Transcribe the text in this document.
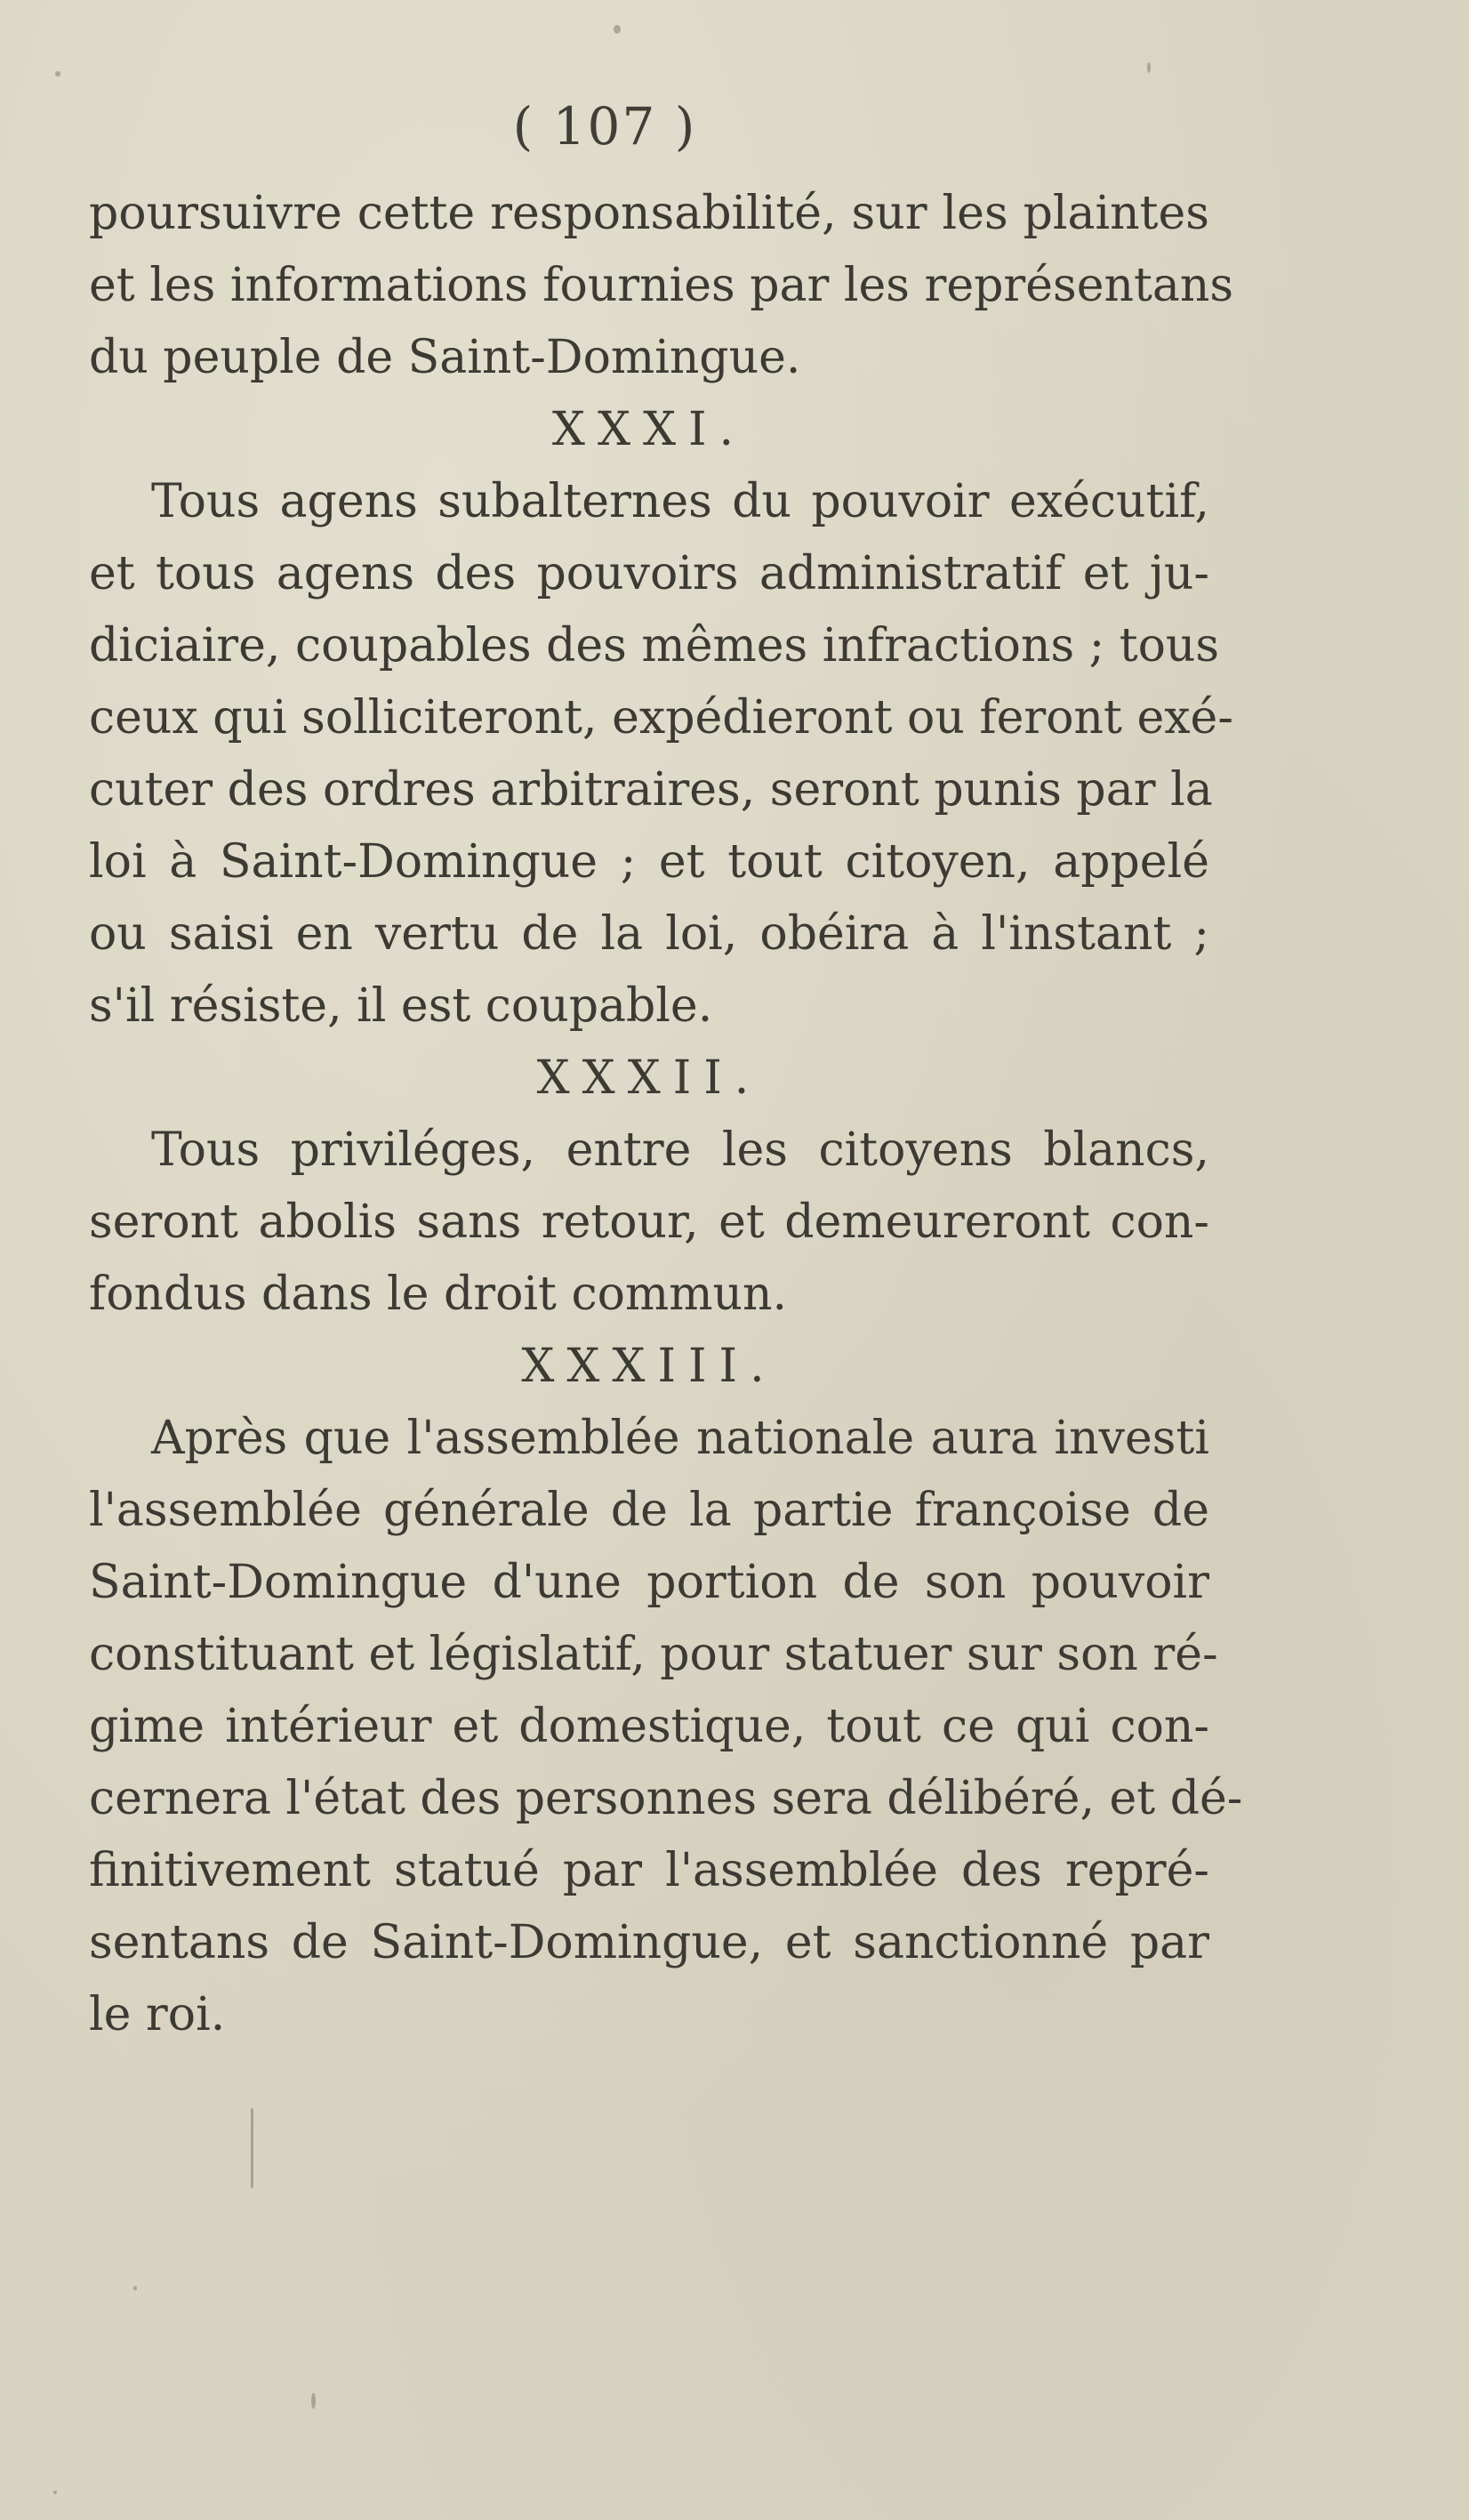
( 107 )
poursuivre cette responsabilité, sur les plaintes
et les informations fournies par les représentans
du peuple de Saint-Domingue.
XXXI.
Tous agens subalternes du pouvoir exécutif,
et tous agens des pouvoirs administratif et ju-
diciaire, coupables des mêmes infractions ; tous
ceux qui solliciteront, expédieront ou feront exé-
cuter des ordres arbitraires, seront punis par la
loi à Saint-Domingue ; et tout citoyen, appelé
ou saisi en vertu de la loi, obéira à l'instant ;
s'il résiste, il est coupable.
XXXII.
Tous priviléges, entre les citoyens blancs,
seront abolis sans retour, et demeureront con-
fondus dans le droit commun.
XXXIII.
Après que l'assemblée nationale aura investi
l'assemblée générale de la partie françoise de
Saint-Domingue d'une portion de son pouvoir
constituant et législatif, pour statuer sur son ré-
gime intérieur et domestique, tout ce qui con-
cernera l'état des personnes sera délibéré, et dé-
finitivement statué par l'assemblée des repré-
sentans de Saint-Domingue, et sanctionné par
le roi.
